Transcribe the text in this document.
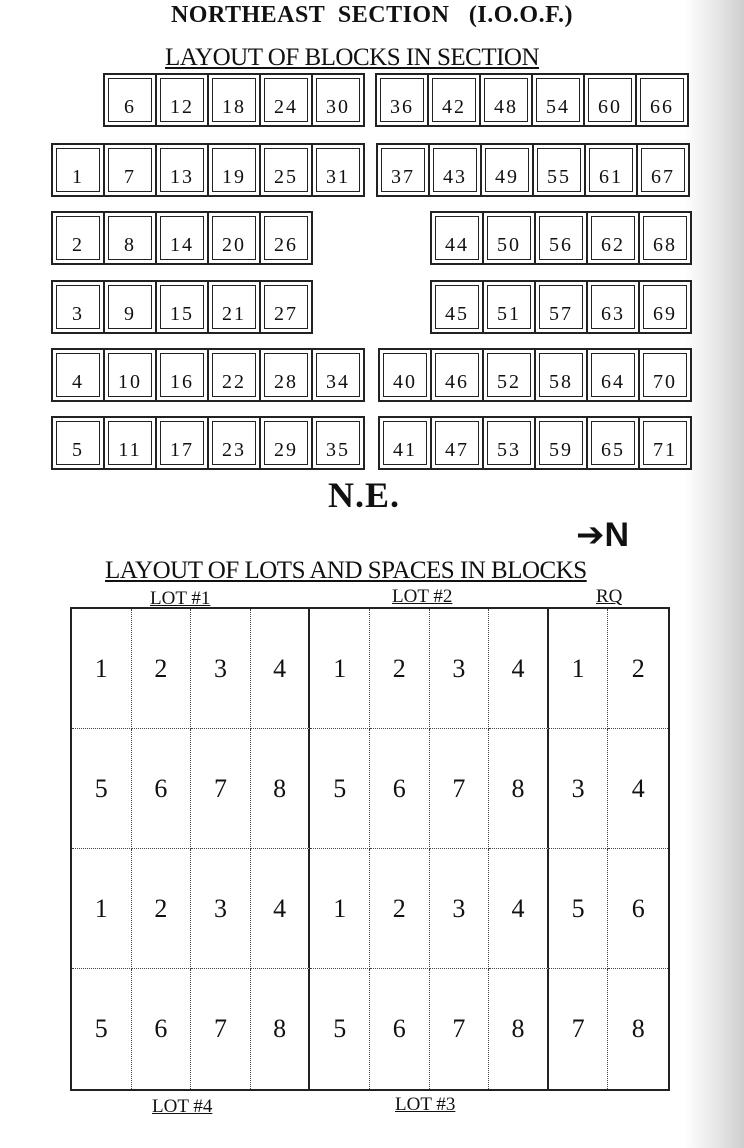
NORTHEAST  SECTION   (I.O.O.F.)
LAYOUT OF BLOCKS IN SECTION
6	12	18	24	30	36	42	48	54	60	66
1	7	13	19	25	31	37	43	49	55	61	67
2	8	14	20	26	44	50	56	62	68
3	9	15	21	27	45	51	57	63	69
4	10	16	22	28	34	40	46	52	58	64	70
5	11	17	23	29	35	41	47	53	59	65	71
N.E.
➔N
LAYOUT OF LOTS AND SPACES IN BLOCKS
LOT #1	LOT #2	RQ
1	2	3	4	1	2	3	4	1	2
5	6	7	8	5	6	7	8	3	4
1	2	3	4	1	2	3	4	5	6
5	6	7	8	5	6	7	8	7	8
LOT #4	LOT #3
